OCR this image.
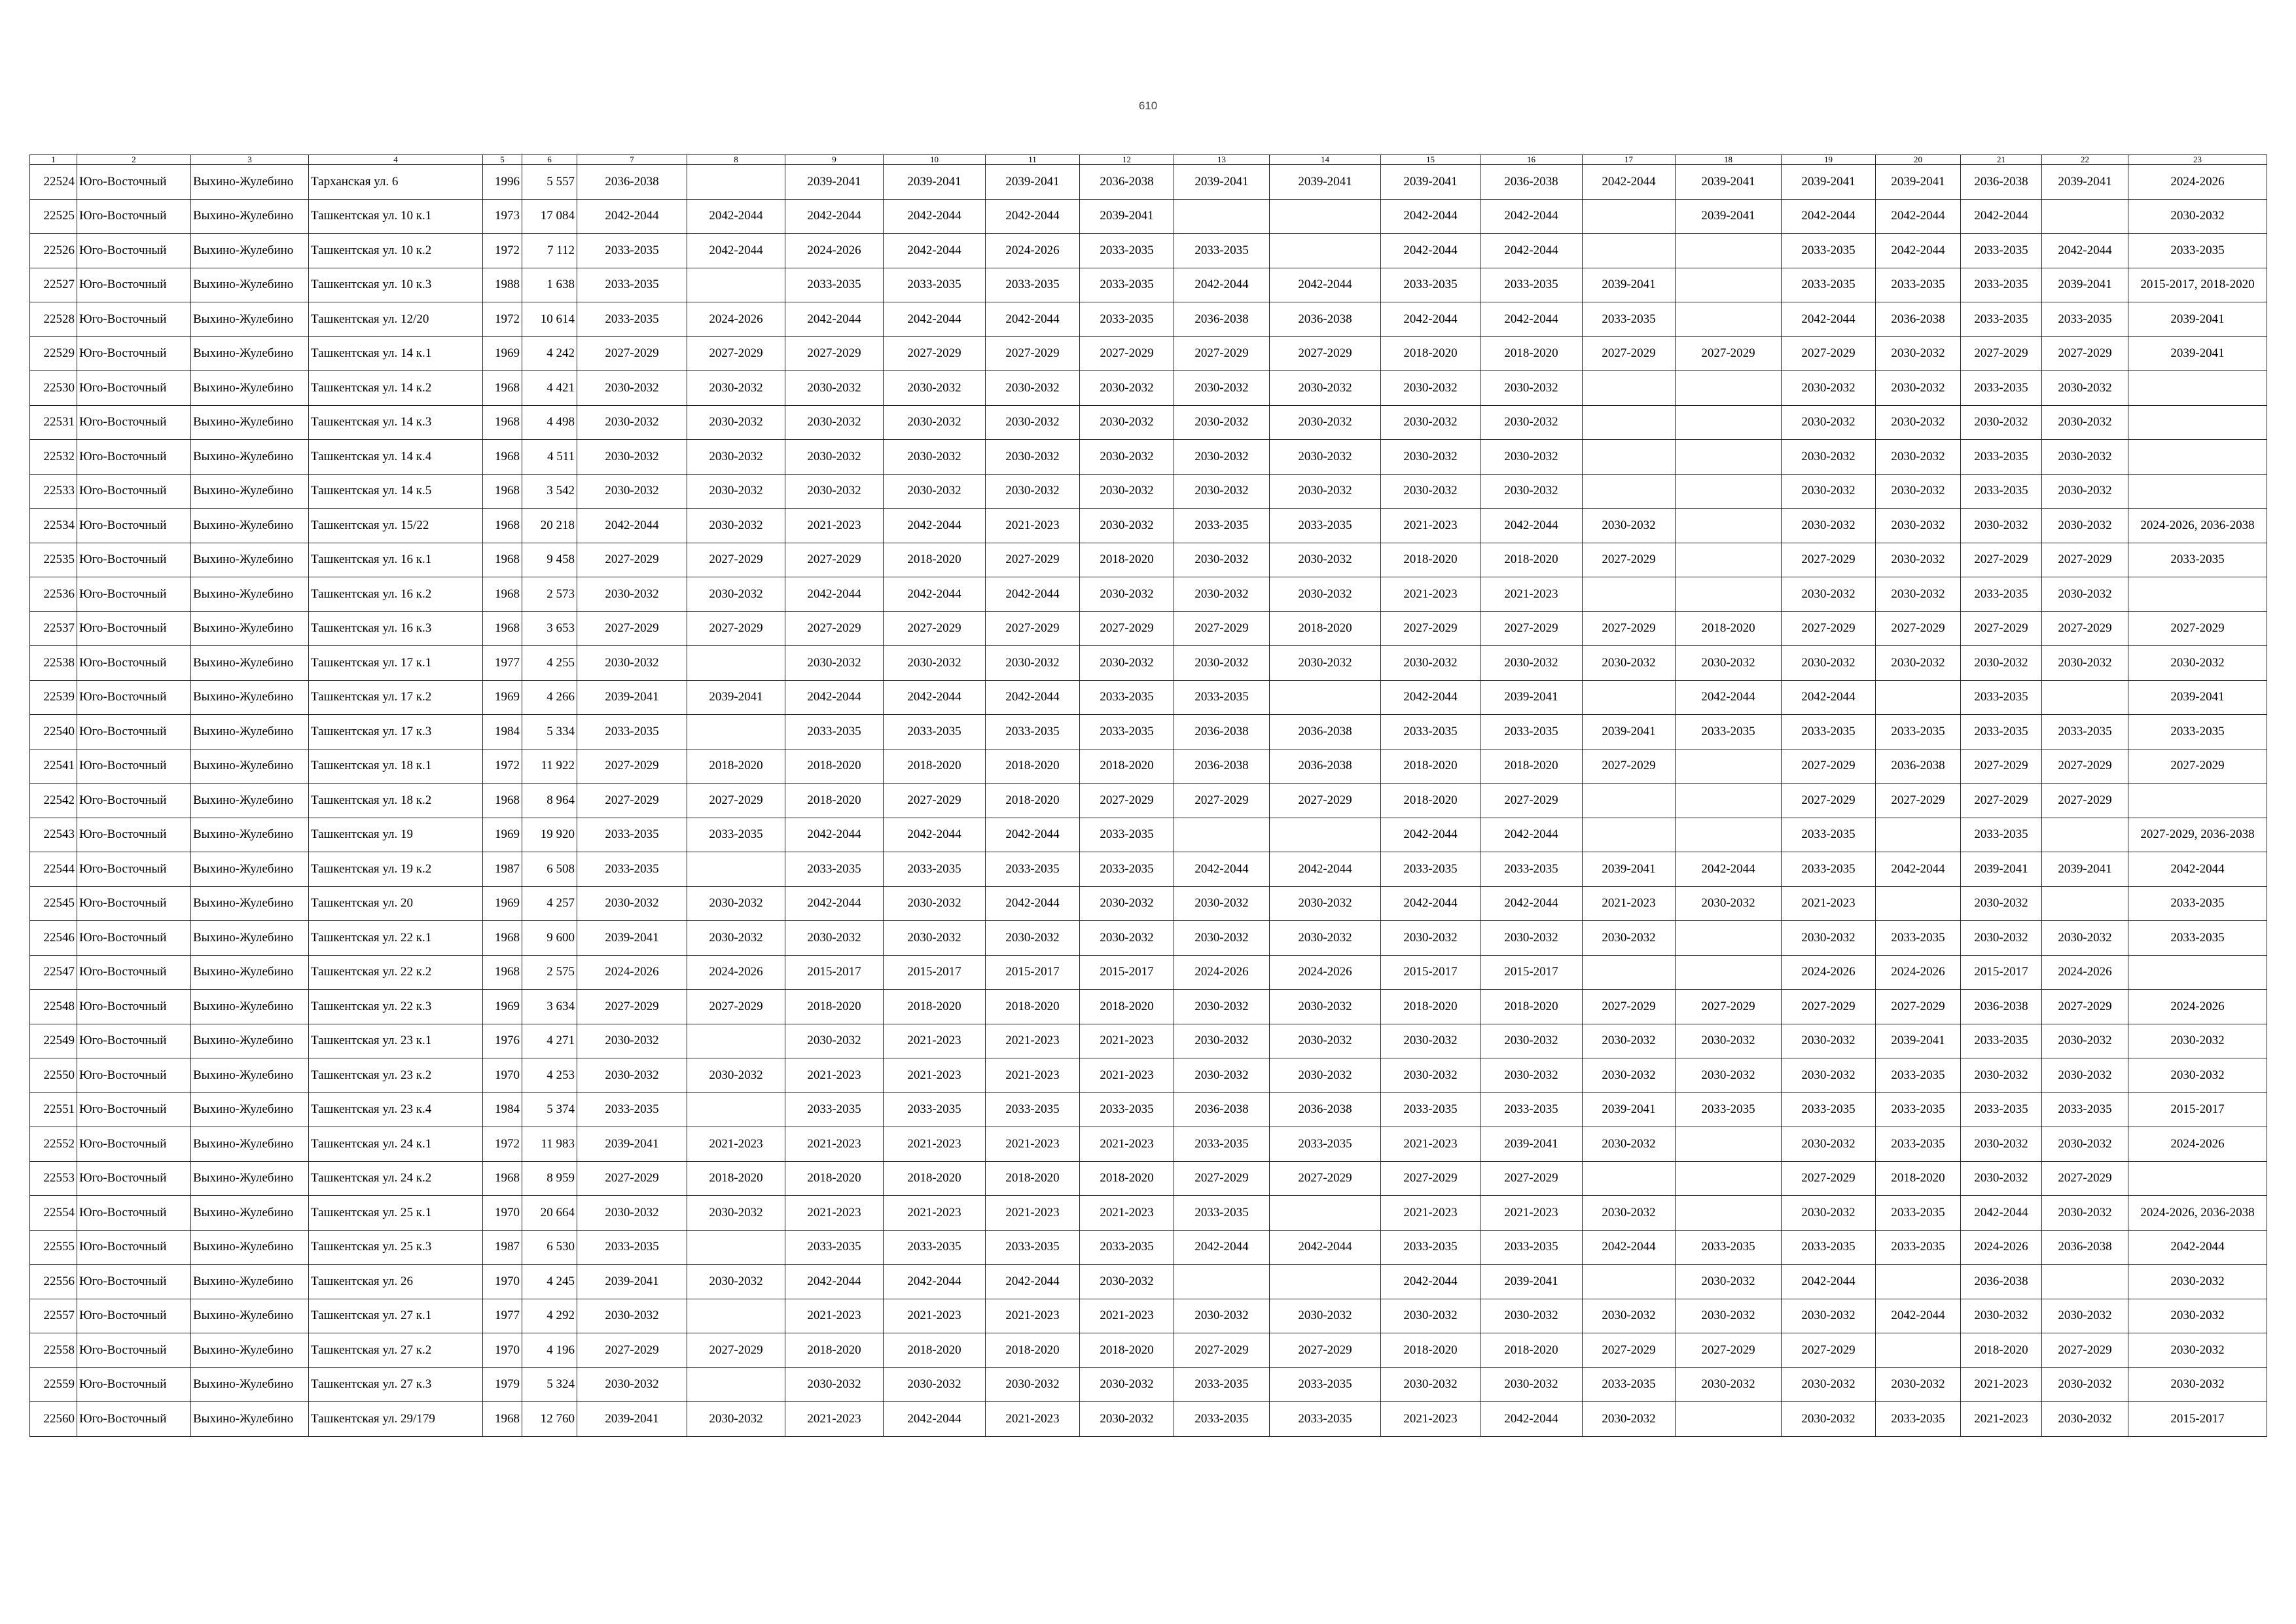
610
1	2	3	4	5	6	7	8	9	10	11	12	13	14	15	16	17	18	19	20	21	22	23
22524	Юго-Восточный	Выхино-Жулебино	Тарханская ул. 6	1996	5 557	2036-2038		2039-2041	2039-2041	2039-2041	2036-2038	2039-2041	2039-2041	2039-2041	2036-2038	2042-2044	2039-2041	2039-2041	2039-2041	2036-2038	2039-2041	2024-2026
22525	Юго-Восточный	Выхино-Жулебино	Ташкентская ул. 10 к.1	1973	17 084	2042-2044	2042-2044	2042-2044	2042-2044	2042-2044	2039-2041			2042-2044	2042-2044		2039-2041	2042-2044	2042-2044	2042-2044		2030-2032
22526	Юго-Восточный	Выхино-Жулебино	Ташкентская ул. 10 к.2	1972	7 112	2033-2035	2042-2044	2024-2026	2042-2044	2024-2026	2033-2035	2033-2035		2042-2044	2042-2044			2033-2035	2042-2044	2033-2035	2042-2044	2033-2035
22527	Юго-Восточный	Выхино-Жулебино	Ташкентская ул. 10 к.3	1988	1 638	2033-2035		2033-2035	2033-2035	2033-2035	2033-2035	2042-2044	2042-2044	2033-2035	2033-2035	2039-2041		2033-2035	2033-2035	2033-2035	2039-2041	2015-2017, 2018-2020
22528	Юго-Восточный	Выхино-Жулебино	Ташкентская ул. 12/20	1972	10 614	2033-2035	2024-2026	2042-2044	2042-2044	2042-2044	2033-2035	2036-2038	2036-2038	2042-2044	2042-2044	2033-2035		2042-2044	2036-2038	2033-2035	2033-2035	2039-2041
22529	Юго-Восточный	Выхино-Жулебино	Ташкентская ул. 14 к.1	1969	4 242	2027-2029	2027-2029	2027-2029	2027-2029	2027-2029	2027-2029	2027-2029	2027-2029	2018-2020	2018-2020	2027-2029	2027-2029	2027-2029	2030-2032	2027-2029	2027-2029	2039-2041
22530	Юго-Восточный	Выхино-Жулебино	Ташкентская ул. 14 к.2	1968	4 421	2030-2032	2030-2032	2030-2032	2030-2032	2030-2032	2030-2032	2030-2032	2030-2032	2030-2032	2030-2032			2030-2032	2030-2032	2033-2035	2030-2032	
22531	Юго-Восточный	Выхино-Жулебино	Ташкентская ул. 14 к.3	1968	4 498	2030-2032	2030-2032	2030-2032	2030-2032	2030-2032	2030-2032	2030-2032	2030-2032	2030-2032	2030-2032			2030-2032	2030-2032	2030-2032	2030-2032	
22532	Юго-Восточный	Выхино-Жулебино	Ташкентская ул. 14 к.4	1968	4 511	2030-2032	2030-2032	2030-2032	2030-2032	2030-2032	2030-2032	2030-2032	2030-2032	2030-2032	2030-2032			2030-2032	2030-2032	2033-2035	2030-2032	
22533	Юго-Восточный	Выхино-Жулебино	Ташкентская ул. 14 к.5	1968	3 542	2030-2032	2030-2032	2030-2032	2030-2032	2030-2032	2030-2032	2030-2032	2030-2032	2030-2032	2030-2032			2030-2032	2030-2032	2033-2035	2030-2032	
22534	Юго-Восточный	Выхино-Жулебино	Ташкентская ул. 15/22	1968	20 218	2042-2044	2030-2032	2021-2023	2042-2044	2021-2023	2030-2032	2033-2035	2033-2035	2021-2023	2042-2044	2030-2032		2030-2032	2030-2032	2030-2032	2030-2032	2024-2026, 2036-2038
22535	Юго-Восточный	Выхино-Жулебино	Ташкентская ул. 16 к.1	1968	9 458	2027-2029	2027-2029	2027-2029	2018-2020	2027-2029	2018-2020	2030-2032	2030-2032	2018-2020	2018-2020	2027-2029		2027-2029	2030-2032	2027-2029	2027-2029	2033-2035
22536	Юго-Восточный	Выхино-Жулебино	Ташкентская ул. 16 к.2	1968	2 573	2030-2032	2030-2032	2042-2044	2042-2044	2042-2044	2030-2032	2030-2032	2030-2032	2021-2023	2021-2023			2030-2032	2030-2032	2033-2035	2030-2032	
22537	Юго-Восточный	Выхино-Жулебино	Ташкентская ул. 16 к.3	1968	3 653	2027-2029	2027-2029	2027-2029	2027-2029	2027-2029	2027-2029	2027-2029	2018-2020	2027-2029	2027-2029	2027-2029	2018-2020	2027-2029	2027-2029	2027-2029	2027-2029	2027-2029
22538	Юго-Восточный	Выхино-Жулебино	Ташкентская ул. 17 к.1	1977	4 255	2030-2032		2030-2032	2030-2032	2030-2032	2030-2032	2030-2032	2030-2032	2030-2032	2030-2032	2030-2032	2030-2032	2030-2032	2030-2032	2030-2032	2030-2032	2030-2032
22539	Юго-Восточный	Выхино-Жулебино	Ташкентская ул. 17 к.2	1969	4 266	2039-2041	2039-2041	2042-2044	2042-2044	2042-2044	2033-2035	2033-2035		2042-2044	2039-2041		2042-2044	2042-2044		2033-2035		2039-2041
22540	Юго-Восточный	Выхино-Жулебино	Ташкентская ул. 17 к.3	1984	5 334	2033-2035		2033-2035	2033-2035	2033-2035	2033-2035	2036-2038	2036-2038	2033-2035	2033-2035	2039-2041	2033-2035	2033-2035	2033-2035	2033-2035	2033-2035	2033-2035
22541	Юго-Восточный	Выхино-Жулебино	Ташкентская ул. 18 к.1	1972	11 922	2027-2029	2018-2020	2018-2020	2018-2020	2018-2020	2018-2020	2036-2038	2036-2038	2018-2020	2018-2020	2027-2029		2027-2029	2036-2038	2027-2029	2027-2029	2027-2029
22542	Юго-Восточный	Выхино-Жулебино	Ташкентская ул. 18 к.2	1968	8 964	2027-2029	2027-2029	2018-2020	2027-2029	2018-2020	2027-2029	2027-2029	2027-2029	2018-2020	2027-2029			2027-2029	2027-2029	2027-2029	2027-2029	
22543	Юго-Восточный	Выхино-Жулебино	Ташкентская ул. 19	1969	19 920	2033-2035	2033-2035	2042-2044	2042-2044	2042-2044	2033-2035			2042-2044	2042-2044			2033-2035		2033-2035		2027-2029, 2036-2038
22544	Юго-Восточный	Выхино-Жулебино	Ташкентская ул. 19 к.2	1987	6 508	2033-2035		2033-2035	2033-2035	2033-2035	2033-2035	2042-2044	2042-2044	2033-2035	2033-2035	2039-2041	2042-2044	2033-2035	2042-2044	2039-2041	2039-2041	2042-2044
22545	Юго-Восточный	Выхино-Жулебино	Ташкентская ул. 20	1969	4 257	2030-2032	2030-2032	2042-2044	2030-2032	2042-2044	2030-2032	2030-2032	2030-2032	2042-2044	2042-2044	2021-2023	2030-2032	2021-2023		2030-2032		2033-2035
22546	Юго-Восточный	Выхино-Жулебино	Ташкентская ул. 22 к.1	1968	9 600	2039-2041	2030-2032	2030-2032	2030-2032	2030-2032	2030-2032	2030-2032	2030-2032	2030-2032	2030-2032	2030-2032		2030-2032	2033-2035	2030-2032	2030-2032	2033-2035
22547	Юго-Восточный	Выхино-Жулебино	Ташкентская ул. 22 к.2	1968	2 575	2024-2026	2024-2026	2015-2017	2015-2017	2015-2017	2015-2017	2024-2026	2024-2026	2015-2017	2015-2017			2024-2026	2024-2026	2015-2017	2024-2026	
22548	Юго-Восточный	Выхино-Жулебино	Ташкентская ул. 22 к.3	1969	3 634	2027-2029	2027-2029	2018-2020	2018-2020	2018-2020	2018-2020	2030-2032	2030-2032	2018-2020	2018-2020	2027-2029	2027-2029	2027-2029	2027-2029	2036-2038	2027-2029	2024-2026
22549	Юго-Восточный	Выхино-Жулебино	Ташкентская ул. 23 к.1	1976	4 271	2030-2032		2030-2032	2021-2023	2021-2023	2021-2023	2030-2032	2030-2032	2030-2032	2030-2032	2030-2032	2030-2032	2030-2032	2039-2041	2033-2035	2030-2032	2030-2032
22550	Юго-Восточный	Выхино-Жулебино	Ташкентская ул. 23 к.2	1970	4 253	2030-2032	2030-2032	2021-2023	2021-2023	2021-2023	2021-2023	2030-2032	2030-2032	2030-2032	2030-2032	2030-2032	2030-2032	2030-2032	2033-2035	2030-2032	2030-2032	2030-2032
22551	Юго-Восточный	Выхино-Жулебино	Ташкентская ул. 23 к.4	1984	5 374	2033-2035		2033-2035	2033-2035	2033-2035	2033-2035	2036-2038	2036-2038	2033-2035	2033-2035	2039-2041	2033-2035	2033-2035	2033-2035	2033-2035	2033-2035	2015-2017
22552	Юго-Восточный	Выхино-Жулебино	Ташкентская ул. 24 к.1	1972	11 983	2039-2041	2021-2023	2021-2023	2021-2023	2021-2023	2021-2023	2033-2035	2033-2035	2021-2023	2039-2041	2030-2032		2030-2032	2033-2035	2030-2032	2030-2032	2024-2026
22553	Юго-Восточный	Выхино-Жулебино	Ташкентская ул. 24 к.2	1968	8 959	2027-2029	2018-2020	2018-2020	2018-2020	2018-2020	2018-2020	2027-2029	2027-2029	2027-2029	2027-2029			2027-2029	2018-2020	2030-2032	2027-2029	
22554	Юго-Восточный	Выхино-Жулебино	Ташкентская ул. 25 к.1	1970	20 664	2030-2032	2030-2032	2021-2023	2021-2023	2021-2023	2021-2023	2033-2035		2021-2023	2021-2023	2030-2032		2030-2032	2033-2035	2042-2044	2030-2032	2024-2026, 2036-2038
22555	Юго-Восточный	Выхино-Жулебино	Ташкентская ул. 25 к.3	1987	6 530	2033-2035		2033-2035	2033-2035	2033-2035	2033-2035	2042-2044	2042-2044	2033-2035	2033-2035	2042-2044	2033-2035	2033-2035	2033-2035	2024-2026	2036-2038	2042-2044
22556	Юго-Восточный	Выхино-Жулебино	Ташкентская ул. 26	1970	4 245	2039-2041	2030-2032	2042-2044	2042-2044	2042-2044	2030-2032			2042-2044	2039-2041		2030-2032	2042-2044		2036-2038		2030-2032
22557	Юго-Восточный	Выхино-Жулебино	Ташкентская ул. 27 к.1	1977	4 292	2030-2032		2021-2023	2021-2023	2021-2023	2021-2023	2030-2032	2030-2032	2030-2032	2030-2032	2030-2032	2030-2032	2030-2032	2042-2044	2030-2032	2030-2032	2030-2032
22558	Юго-Восточный	Выхино-Жулебино	Ташкентская ул. 27 к.2	1970	4 196	2027-2029	2027-2029	2018-2020	2018-2020	2018-2020	2018-2020	2027-2029	2027-2029	2018-2020	2018-2020	2027-2029	2027-2029	2027-2029		2018-2020	2027-2029	2030-2032
22559	Юго-Восточный	Выхино-Жулебино	Ташкентская ул. 27 к.3	1979	5 324	2030-2032		2030-2032	2030-2032	2030-2032	2030-2032	2033-2035	2033-2035	2030-2032	2030-2032	2033-2035	2030-2032	2030-2032	2030-2032	2021-2023	2030-2032	2030-2032
22560	Юго-Восточный	Выхино-Жулебино	Ташкентская ул. 29/179	1968	12 760	2039-2041	2030-2032	2021-2023	2042-2044	2021-2023	2030-2032	2033-2035	2033-2035	2021-2023	2042-2044	2030-2032		2030-2032	2033-2035	2021-2023	2030-2032	2015-2017
